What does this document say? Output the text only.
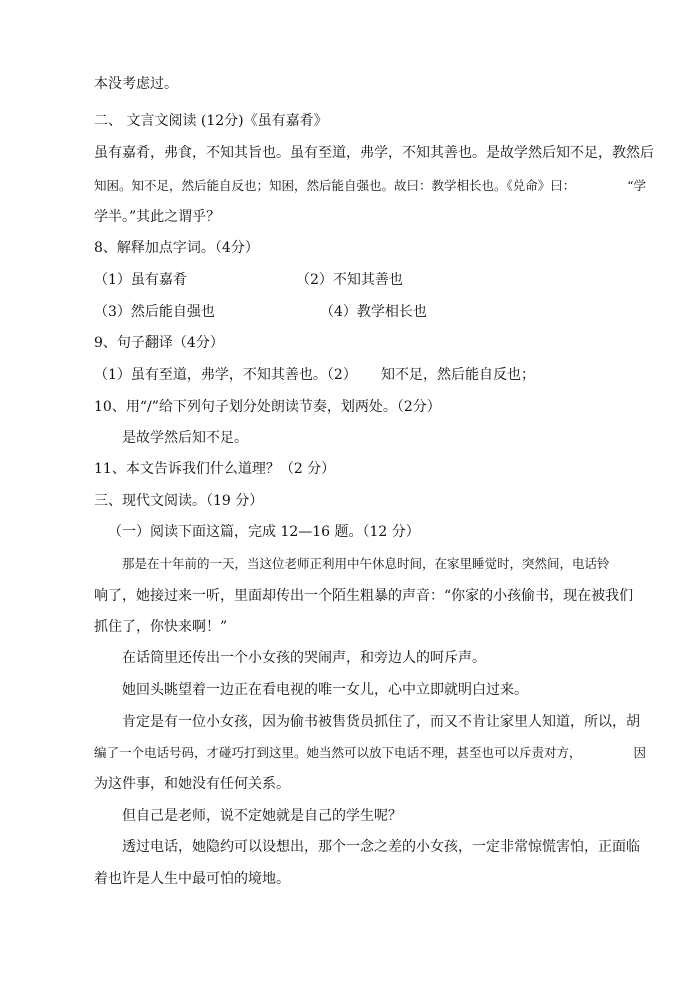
本没考虑过。
二、 文言文阅读 (12分)《虽有嘉肴》
虽有嘉肴，弗食，不知其旨也。虽有至道，弗学，不知其善也。是故学然后知不足，教然后
知困。知不足，然后能自反也；知困，然后能自强也。故曰：教学相长也。《兑命》曰：	“学
学半。”其此之谓乎？
8、解释加点字词。（4分）
（1）虽有嘉肴	（2）不知其善也
（3）然后能自强也	（4）教学相长也
9、句子翻译（4分）
（1）虽有至道，弗学，不知其善也。（2） 知不足，然后能自反也；
10、用“/”给下列句子划分处朗读节奏，划两处。（2分）
是故学然后知不足。
11、本文告诉我们什么道理？（2 分）
三、现代文阅读。（19 分）
（一）阅读下面这篇，完成 12—16 题。（12 分）
那是在十年前的一天，当这位老师正利用中午休息时间，在家里睡觉时，突然间，电话铃
响了，她接过来一听，里面却传出一个陌生粗暴的声音：“你家的小孩偷书，现在被我们
抓住了，你快来啊！”
在话筒里还传出一个小女孩的哭闹声，和旁边人的呵斥声。
她回头眺望着一边正在看电视的唯一女儿，心中立即就明白过来。
肯定是有一位小女孩，因为偷书被售货员抓住了，而又不肯让家里人知道，所以，胡
编了一个电话号码，才碰巧打到这里。她当然可以放下电话不理，甚至也可以斥责对方，	因
为这件事，和她没有任何关系。
但自己是老师，说不定她就是自己的学生呢？
透过电话，她隐约可以设想出，那个一念之差的小女孩，一定非常惊慌害怕，正面临
着也许是人生中最可怕的境地。
